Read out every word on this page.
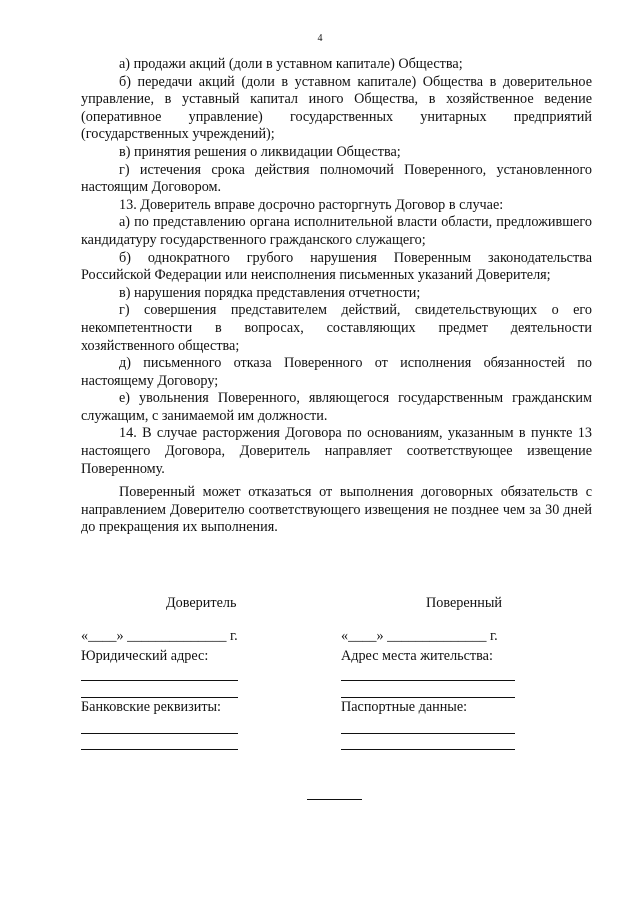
4

а) продажи акций (доли в уставном капитале) Общества;

б) передачи акций (доли в уставном капитале) Общества в доверительное управление, в уставный капитал иного Общества, в хозяйственное ведение (оперативное управление) государственных унитарных предприятий (государственных учреждений);

в) принятия решения о ликвидации Общества;

г) истечения срока действия полномочий Поверенного, установленного настоящим Договором.

13. Доверитель вправе досрочно расторгнуть Договор в случае:

а) по представлению органа исполнительной власти области, предложившего кандидатуру государственного гражданского служащего;

б) однократного грубого нарушения Поверенным законодательства Российской Федерации или неисполнения письменных указаний Доверителя;

в) нарушения порядка представления отчетности;

г) совершения представителем действий, свидетельствующих о его некомпетентности в вопросах, составляющих предмет деятельности хозяйственного общества;

д) письменного отказа Поверенного от исполнения обязанностей по настоящему Договору;

е) увольнения Поверенного, являющегося государственным гражданским служащим, с занимаемой им должности.

14. В случае расторжения Договора по основаниям, указанным в пункте 13 настоящего Договора, Доверитель направляет соответствующее извещение Поверенному.

Поверенный может отказаться от выполнения договорных обязательств с направлением Доверителю соответствующего извещения не позднее чем за 30 дней до прекращения их выполнения.

Доверитель
«____» ______________ г.
Юридический адрес:
Банковские реквизиты:
Поверенный
«____» ______________ г.
Адрес места жительства:
Паспортные данные:
